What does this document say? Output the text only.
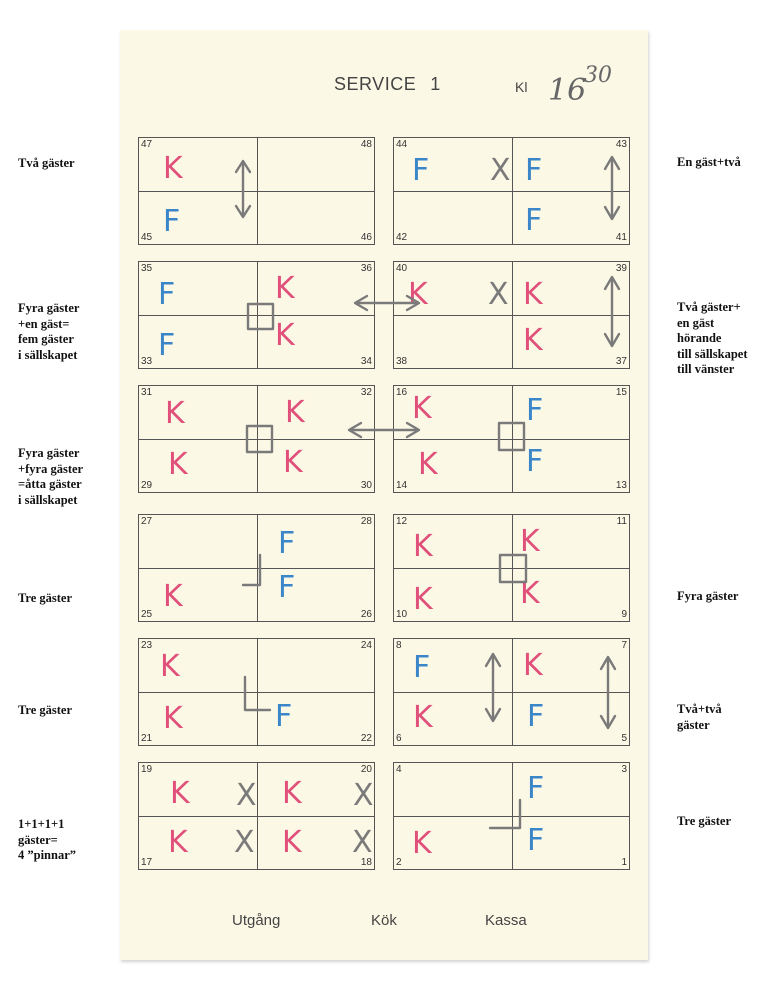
SERVICE 1	Kl 16
30
Två gäster
Fyra gäster
+en gäst=
fem gäster
i sällskapet
Fyra gäster
+fyra gäster
=åtta gäster
i sällskapet
Tre gäster
Tre gäster
1+1+1+1
gäster=
4 ”pinnar”
En gäst+två
Två gäster+
en gäst
hörande
till sällskapet
till vänster
Fyra gäster
Två+två
gäster
Tre gäster
47	48
45	46
44	43
42	41
35	36
33	34
40	39
38	37
31	32
29	30
16	15
14	13
27	28
25	26
12	11
10	9
23	24
21	22
8	7
6	5
19	20
17	18
4	3
2	1
K
F
F X F
F
F
F
K
K
K X K
K
K
K
K
K
K
K
F
F
F
F
K
K
K
K
K
K
K	F
F
K
K
F
K X K X
K X K X
F
F
K
Utgång	Kök	Kassa
